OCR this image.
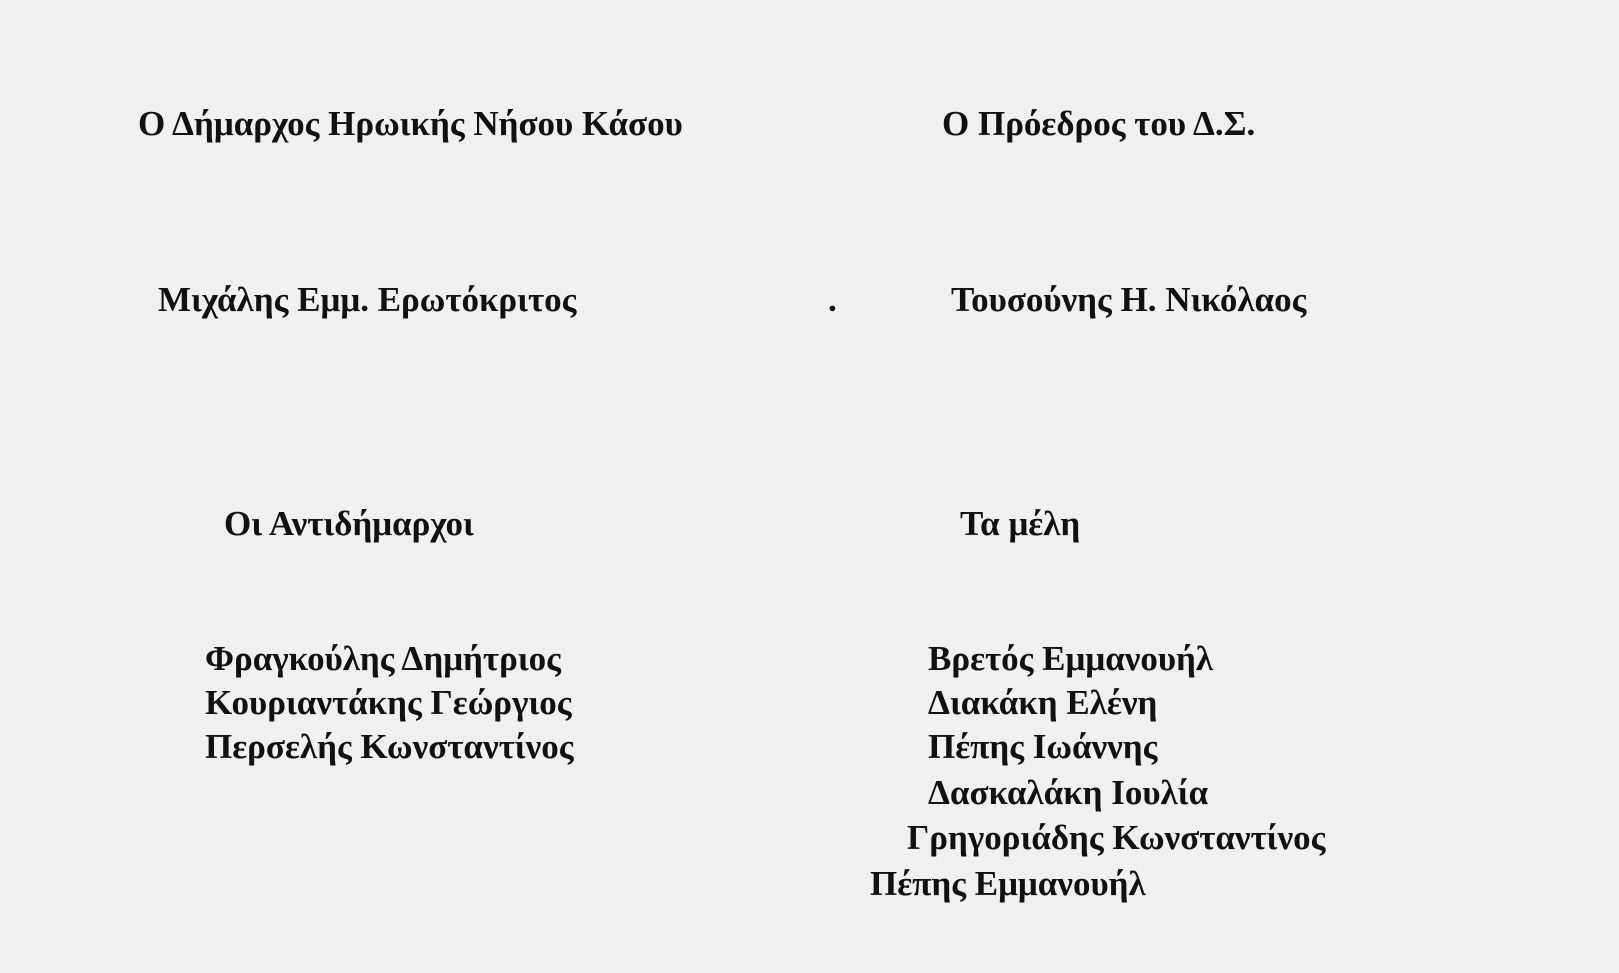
Ο Δήμαρχος Ηρωικής Νήσου Κάσου	Ο Πρόεδρος του Δ.Σ.
Μιχάλης Εμμ. Ερωτόκριτος	.	Τουσούνης Η. Νικόλαος
Οι Αντιδήμαρχοι	Τα μέλη
Φραγκούλης Δημήτριος
Κουριαντάκης Γεώργιος
Περσελής Κωνσταντίνος
Βρετός Εμμανουήλ
Διακάκη Ελένη
Πέπης Ιωάννης
Δασκαλάκη Ιουλία
Γρηγοριάδης Κωνσταντίνος
Πέπης Εμμανουήλ
